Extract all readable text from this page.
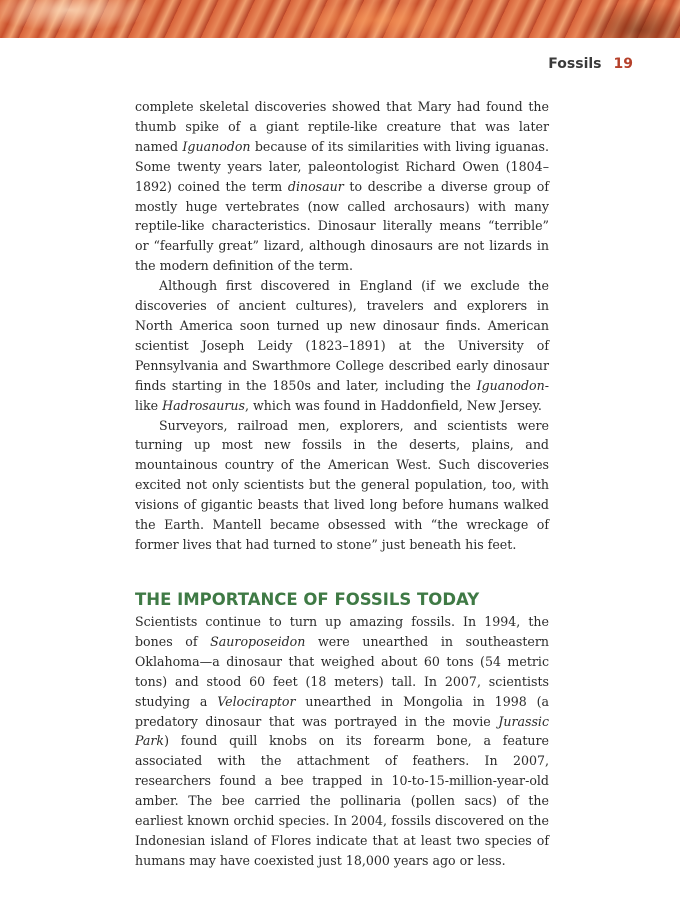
Fossils 19

complete skeletal discoveries showed that Mary had found the thumb spike of a giant reptile-like creature that was later named Iguanodon because of its similarities with living iguanas. Some twenty years later, paleontologist Richard Owen (1804–1892) coined the term dinosaur to describe a diverse group of mostly huge vertebrates (now called archosaurs) with many reptile-like characteristics. Dinosaur literally means “terrible” or “fearfully great” lizard, although dinosaurs are not lizards in the modern definition of the term.

Although first discovered in England (if we exclude the discoveries of ancient cultures), travelers and explorers in North America soon turned up new dinosaur finds. American scientist Joseph Leidy (1823–1891) at the University of Pennsylvania and Swarthmore College described early dinosaur finds starting in the 1850s and later, including the Iguanodon-like Hadrosaurus, which was found in Haddonfield, New Jersey.

Surveyors, railroad men, explorers, and scientists were turning up most new fossils in the deserts, plains, and mountainous country of the American West. Such discoveries excited not only scientists but the general population, too, with visions of gigantic beasts that lived long before humans walked the Earth. Mantell became obsessed with “the wreckage of former lives that had turned to stone” just beneath his feet.

THE IMPORTANCE OF FOSSILS TODAY

Scientists continue to turn up amazing fossils. In 1994, the bones of Sauroposeidon were unearthed in southeastern Oklahoma—a dinosaur that weighed about 60 tons (54 metric tons) and stood 60 feet (18 meters) tall. In 2007, scientists studying a Velociraptor unearthed in Mongolia in 1998 (a predatory dinosaur that was portrayed in the movie Jurassic Park) found quill knobs on its forearm bone, a feature associated with the attachment of feathers. In 2007, researchers found a bee trapped in 10-to-15-million-year-old amber. The bee carried the pollinaria (pollen sacs) of the earliest known orchid species. In 2004, fossils discovered on the Indonesian island of Flores indicate that at least two species of humans may have coexisted just 18,000 years ago or less.
